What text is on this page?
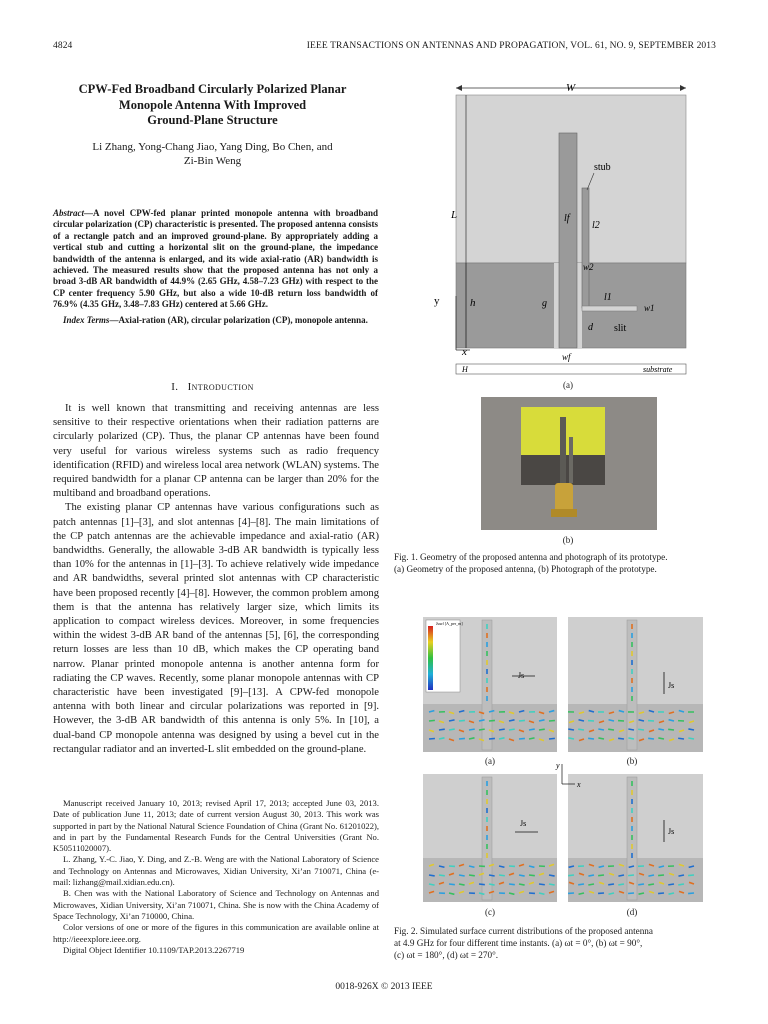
4824	IEEE TRANSACTIONS ON ANTENNAS AND PROPAGATION, VOL. 61, NO. 9, SEPTEMBER 2013
CPW-Fed Broadband Circularly Polarized Planar
Monopole Antenna With Improved
Ground-Plane Structure
Li Zhang, Yong-Chang Jiao, Yang Ding, Bo Chen, and
Zi-Bin Weng
Abstract—A novel CPW-fed planar printed monopole antenna with broadband circular polarization (CP) characteristic is presented. The proposed antenna consists of a rectangle patch and an improved ground-plane. By appropriately adding a vertical stub and cutting a horizontal slit on the ground-plane, the impedance bandwidth of the antenna is enlarged, and its wide axial-ratio (AR) bandwidth is achieved. The measured results show that the proposed antenna has not only a broad 3-dB AR bandwidth of 44.9% (2.65 GHz, 4.58–7.23 GHz) with respect to the CP center frequency 5.90 GHz, but also a wide 10-dB return loss bandwidth of 76.9% (4.35 GHz, 3.48–7.83 GHz) centered at 5.66 GHz.
Index Terms—Axial-ration (AR), circular polarization (CP), monopole antenna.
I. Introduction

It is well known that transmitting and receiving antennas are less sensitive to their respective orientations when their radiation patterns are circularly polarized (CP). Thus, the planar CP antennas have been found very useful for various wireless systems such as radio frequency identification (RFID) and wireless local area network (WLAN) systems. The required bandwidth for a planar CP antenna can be larger than 20% for the multiband and broadband operations.

The existing planar CP antennas have various configurations such as patch antennas [1]–[3], and slot antennas [4]–[8]. The main limitations of the CP patch antennas are the achievable impedance and axial-ratio (AR) bandwidths. Generally, the allowable 3-dB AR bandwidth is typically less than 10% for the antennas in [1]–[3]. To achieve relatively wide impedance and AR bandwidths, several printed slot antennas with CP characteristic have been proposed recently [4]–[8]. However, the common problem among them is that the antenna has relatively larger size, which limits its application to compact wireless devices. Moreover, in some frequencies within the widest 3-dB AR band of the antennas [5], [6], the corresponding return losses are less than 10 dB, which makes the CP operating band narrow. Planar printed monopole antenna is another antenna form for radiating the CP waves. Recently, some planar monopole antennas with CP characteristic have been investigated [9]–[13]. A CPW-fed monopole antenna with both linear and circular polarizations was reported in [9]. However, the 3-dB AR bandwidth of this antenna is only 5%. In [10], a dual-band CP monopole antenna was designed by using a bevel cut in the rectangular radiator and an inverted-L slit embedded on the ground-plane.

Manuscript received January 10, 2013; revised April 17, 2013; accepted June 03, 2013. Date of publication June 11, 2013; date of current version August 30, 2013. This work was supported in part by the National Natural Science Foundation of China (Grant No. 61201022), and in part by the Fundamental Research Funds for the Central Universities (Grant No. K50511020007).

L. Zhang, Y.-C. Jiao, Y. Ding, and Z.-B. Weng are with the National Laboratory of Science and Technology on Antennas and Microwaves, Xidian University, Xi’an 710071, China (e-mail: lizhang@mail.xidian.edu.cn).

B. Chen was with the National Laboratory of Science and Technology on Antennas and Microwaves, Xidian University, Xi’an 710071, China. She is now with the China Academy of Space Technology, Xi’an 710000, China.

Color versions of one or more of the figures in this communication are available online at http://ieeexplore.ieee.org.

Digital Object Identifier 10.1109/TAP.2013.2267719

W
L
h
stub
lf
l2
w2
g
l1
w1
d slit
y
x	wf
H	substrate
(a)
(b)
Fig. 1. Geometry of the proposed antenna and photograph of its prototype.
(a) Geometry of the proposed antenna, (b) Photograph of the prototype.
Jsurf [A_per_m]
Js
Js
Js
Js
y
x
(a)	(b)
(c)	(d)
Fig. 2. Simulated surface current distributions of the proposed antenna
at 4.9 GHz for four different time instants. (a) ωt = 0°, (b) ωt = 90°,
(c) ωt = 180°, (d) ωt = 270°.
0018-926X © 2013 IEEE
